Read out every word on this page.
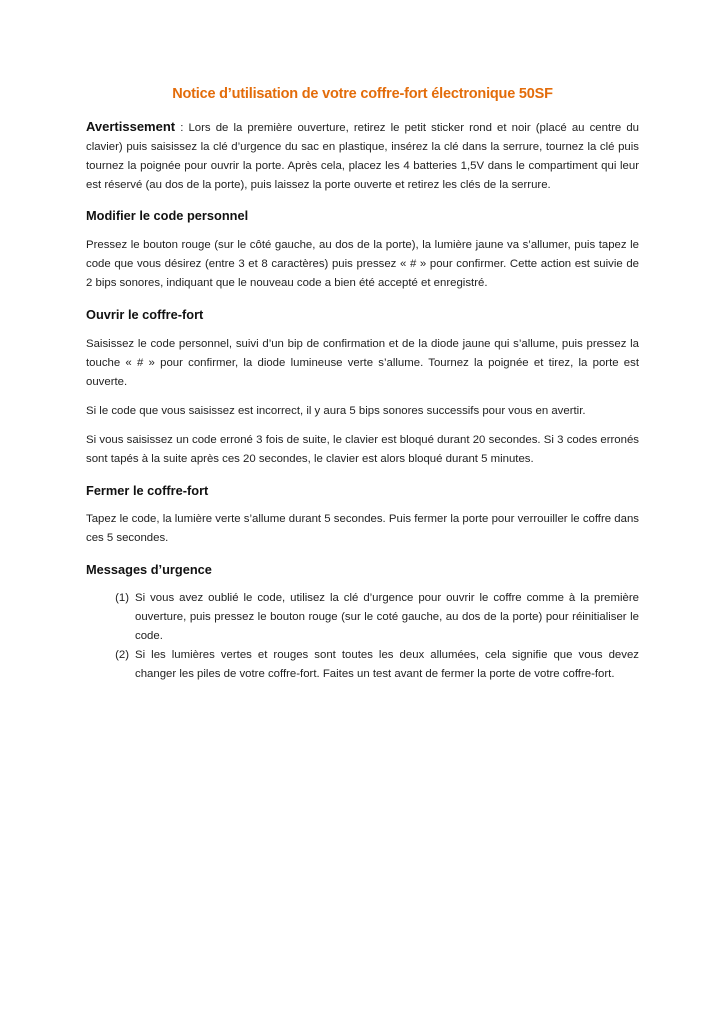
Notice d’utilisation de votre coffre-fort électronique 50SF

Avertissement : Lors de la première ouverture, retirez le petit sticker rond et noir (placé au centre du clavier) puis saisissez la clé d’urgence du sac en plastique, insérez la clé dans la serrure, tournez la clé puis tournez la poignée pour ouvrir la porte. Après cela, placez les 4 batteries 1,5V dans le compartiment qui leur est réservé (au dos de la porte), puis laissez la porte ouverte et retirez les clés de la serrure.

Modifier le code personnel

Pressez le bouton rouge (sur le côté gauche, au dos de la porte), la lumière jaune va s’allumer, puis tapez le code que vous désirez (entre 3 et 8 caractères) puis pressez « # » pour confirmer. Cette action est suivie de 2 bips sonores, indiquant que le nouveau code a bien été accepté et enregistré.

Ouvrir le coffre-fort

Saisissez le code personnel, suivi d’un bip de confirmation et de la diode jaune qui s’allume, puis pressez la touche « # » pour confirmer, la diode lumineuse verte s’allume. Tournez la poignée et tirez, la porte est ouverte.

Si le code que vous saisissez est incorrect, il y aura 5 bips sonores successifs pour vous en avertir.

Si vous saisissez un code erroné 3 fois de suite, le clavier est bloqué durant 20 secondes. Si 3 codes erronés sont tapés à la suite après ces 20 secondes, le clavier est alors bloqué durant 5 minutes.

Fermer le coffre-fort

Tapez le code, la lumière verte s’allume durant 5 secondes. Puis fermer la porte pour verrouiller le coffre dans ces 5 secondes.

Messages d’urgence
(1) Si vous avez oublié le code, utilisez la clé d’urgence pour ouvrir le coffre comme à la première ouverture, puis pressez le bouton rouge (sur le coté gauche, au dos de la porte) pour réinitialiser le code.
(2) Si les lumières vertes et rouges sont toutes les deux allumées, cela signifie que vous devez changer les piles de votre coffre-fort. Faites un test avant de fermer la porte de votre coffre-fort.
